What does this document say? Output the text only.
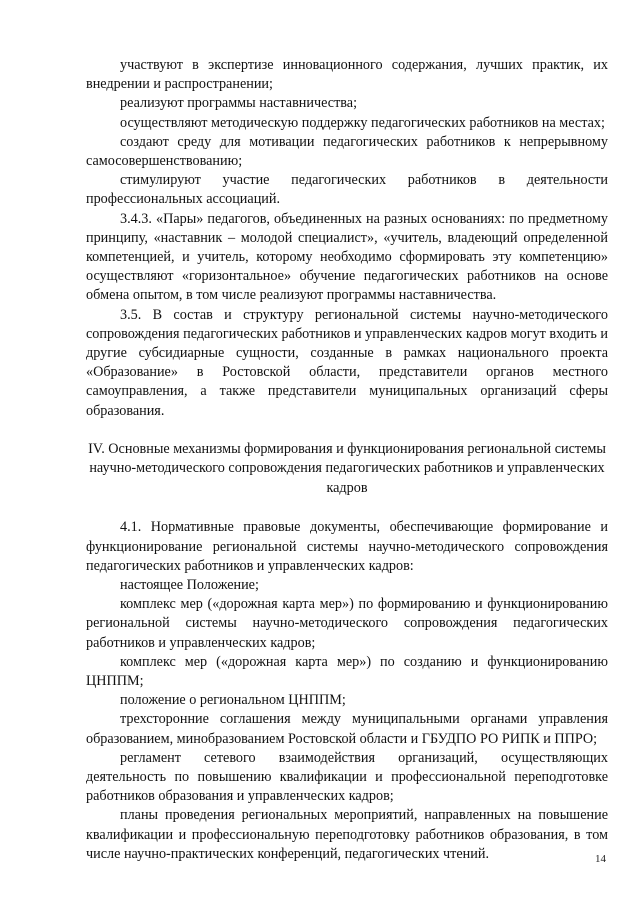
участвуют в экспертизе инновационного содержания, лучших практик, их внедрении и распространении;

реализуют программы наставничества;

осуществляют методическую поддержку педагогических работников на местах;

создают среду для мотивации педагогических работников к непрерывному самосовершенствованию;

стимулируют участие педагогических работников в деятельности профессиональных ассоциаций.

3.4.3. «Пары» педагогов, объединенных на разных основаниях: по предметному принципу, «наставник – молодой специалист», «учитель, владеющий определенной компетенцией, и учитель, которому необходимо сформировать эту компетенцию» осуществляют «горизонтальное» обучение педагогических работников на основе обмена опытом, в том числе реализуют программы наставничества.

3.5. В состав и структуру региональной системы научно-методического сопровождения педагогических работников и управленческих кадров могут входить и другие субсидиарные сущности, созданные в рамках национального проекта «Образование» в Ростовской области, представители органов местного самоуправления, а также представители муниципальных организаций сферы образования.

IV. Основные механизмы формирования и функционирования региональной системы научно-методического сопровождения педагогических работников и управленческих кадров

4.1. Нормативные правовые документы, обеспечивающие формирование и функционирование региональной системы научно-методического сопровождения педагогических работников и управленческих кадров:

настоящее Положение;

комплекс мер («дорожная карта мер») по формированию и функционированию региональной системы научно-методического сопровождения педагогических работников и управленческих кадров;

комплекс мер («дорожная карта мер») по созданию и функционированию ЦНППМ;

положение о региональном ЦНППМ;

трехсторонние соглашения между муниципальными органами управления образованием, минобразованием Ростовской области и ГБУДПО РО РИПК и ППРО;

регламент сетевого взаимодействия организаций, осуществляющих деятельность по повышению квалификации и профессиональной переподготовке работников образования и управленческих кадров;

планы проведения региональных мероприятий, направленных на повышение квалификации и профессиональную переподготовку работников образования, в том числе научно-практических конференций, педагогических чтений.	14
